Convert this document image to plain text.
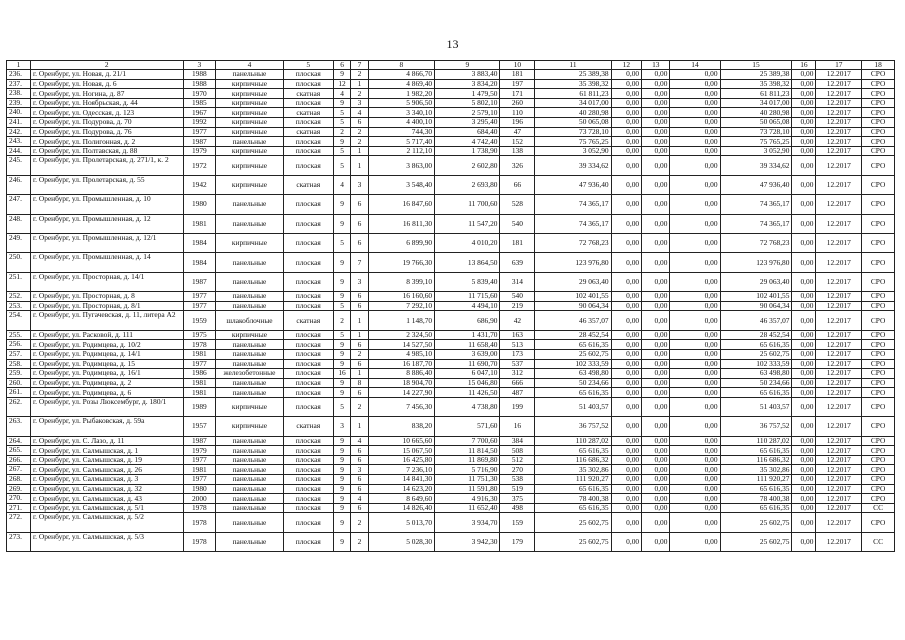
13
1	2	3	4	5	6	7	8	9	10	11	12	13	14	15	16	17	18
236.	г. Оренбург, ул. Новая, д. 21/1	1988	панельные	плоская	9	2	4 866,70	3 883,40	181	25 389,38	0,00	0,00	0,00	25 389,38	0,00	12.2017	СРО
237.	г. Оренбург, ул. Новая, д. 6	1988	кирпичные	плоская	12	1	4 869,40	3 834,20	197	35 398,32	0,00	0,00	0,00	35 398,32	0,00	12.2017	СРО
238.	г. Оренбург, ул. Ногина, д. 87	1970	кирпичные	скатная	4	2	1 982,20	1 479,50	171	61 811,23	0,00	0,00	0,00	61 811,23	0,00	12.2017	СРО
239.	г. Оренбург, ул. Ноябрьская, д. 44	1985	кирпичные	плоская	9	3	5 906,50	5 802,10	260	34 017,00	0,00	0,00	0,00	34 017,00	0,00	12.2017	СРО
240.	г. Оренбург, ул. Одесская, д. 123	1967	кирпичные	скатная	5	4	3 340,10	2 579,10	110	40 280,98	0,00	0,00	0,00	40 280,98	0,00	12.2017	СРО
241.	г. Оренбург, ул. Подурова, д. 70	1992	кирпичные	плоская	5	6	4 400,10	3 295,40	196	50 065,08	0,00	0,00	0,00	50 065,08	0,00	12.2017	СРО
242.	г. Оренбург, ул. Подурова, д. 76	1977	кирпичные	скатная	2	2	744,30	684,40	47	73 728,10	0,00	0,00	0,00	73 728,10	0,00	12.2017	СРО
243.	г. Оренбург, ул. Полигонная, д. 2	1987	панельные	плоская	9	2	5 717,40	4 742,40	152	75 765,25	0,00	0,00	0,00	75 765,25	0,00	12.2017	СРО
244.	г. Оренбург, ул. Полтавская, д. 88	1979	кирпичные	плоская	5	1	2 112,10	1 738,90	138	3 052,90	0,00	0,00	0,00	3 052,90	0,00	12.2017	СРО
245.	г. Оренбург, ул. Пролетарская, д. 271/1, к. 2	1972	кирпичные	плоская	5	1	3 863,00	2 602,80	326	39 334,62	0,00	0,00	0,00	39 334,62	0,00	12.2017	СРО
246.	г. Оренбург, ул. Пролетарская, д. 55	1942	кирпичные	скатная	4	3	3 548,40	2 693,80	66	47 936,40	0,00	0,00	0,00	47 936,40	0,00	12.2017	СРО
247.	г. Оренбург, ул. Промышленная, д. 10	1980	панельные	плоская	9	6	16 847,60	11 700,60	528	74 365,17	0,00	0,00	0,00	74 365,17	0,00	12.2017	СРО
248.	г. Оренбург, ул. Промышленная, д. 12	1981	панельные	плоская	9	6	16 811,30	11 547,20	540	74 365,17	0,00	0,00	0,00	74 365,17	0,00	12.2017	СРО
249.	г. Оренбург, ул. Промышленная, д. 12/1	1984	кирпичные	плоская	5	6	6 899,90	4 010,20	181	72 768,23	0,00	0,00	0,00	72 768,23	0,00	12.2017	СРО
250.	г. Оренбург, ул. Промышленная, д. 14	1984	панельные	плоская	9	7	19 766,30	13 864,50	639	123 976,80	0,00	0,00	0,00	123 976,80	0,00	12.2017	СРО
251.	г. Оренбург, ул. Просторная, д. 14/1	1987	панельные	плоская	9	3	8 399,10	5 839,40	314	29 063,40	0,00	0,00	0,00	29 063,40	0,00	12.2017	СРО
252.	г. Оренбург, ул. Просторная, д. 8	1977	панельные	плоская	9	6	16 160,60	11 715,60	540	102 401,55	0,00	0,00	0,00	102 401,55	0,00	12.2017	СРО
253.	г. Оренбург, ул. Просторная, д. 8/1	1977	панельные	плоская	5	6	7 292,10	4 494,10	219	90 064,34	0,00	0,00	0,00	90 064,34	0,00	12.2017	СРО
254.	г. Оренбург, ул. Пугачевская, д. 11, литера А2	1959	шлакоблочные	скатная	2	1	1 148,70	686,90	42	46 357,07	0,00	0,00	0,00	46 357,07	0,00	12.2017	СРО
255.	г. Оренбург, ул. Расковой, д. 111	1975	кирпичные	плоская	5	1	2 324,50	1 431,70	163	28 452,54	0,00	0,00	0,00	28 452,54	0,00	12.2017	СРО
256.	г. Оренбург, ул. Родимцева, д. 10/2	1978	панельные	плоская	9	6	14 527,50	11 658,40	513	65 616,35	0,00	0,00	0,00	65 616,35	0,00	12.2017	СРО
257.	г. Оренбург, ул. Родимцева, д. 14/1	1981	панельные	плоская	9	2	4 985,10	3 639,00	173	25 602,75	0,00	0,00	0,00	25 602,75	0,00	12.2017	СРО
258.	г. Оренбург, ул. Родимцева, д. 15	1977	панельные	плоская	9	6	16 187,70	11 690,70	537	102 333,59	0,00	0,00	0,00	102 333,59	0,00	12.2017	СРО
259.	г. Оренбург, ул. Родимцева, д. 16/1	1986	железобетонные	плоская	16	1	8 886,40	6 047,10	312	63 498,80	0,00	0,00	0,00	63 498,80	0,00	12.2017	СРО
260.	г. Оренбург, ул. Родимцева, д. 2	1981	панельные	плоская	9	8	18 904,70	15 046,80	666	50 234,66	0,00	0,00	0,00	50 234,66	0,00	12.2017	СРО
261.	г. Оренбург, ул. Родимцева, д. 6	1981	панельные	плоская	9	6	14 227,90	11 426,50	487	65 616,35	0,00	0,00	0,00	65 616,35	0,00	12.2017	СРО
262.	г. Оренбург, ул. Розы Люксембург, д. 180/1	1989	кирпичные	плоская	5	2	7 456,30	4 738,80	199	51 403,57	0,00	0,00	0,00	51 403,57	0,00	12.2017	СРО
263.	г. Оренбург, ул. Рыбаковская, д. 59а	1957	кирпичные	скатная	3	1	838,20	571,60	16	36 757,52	0,00	0,00	0,00	36 757,52	0,00	12.2017	СРО
264.	г. Оренбург, ул. С. Лазо, д. 11	1987	панельные	плоская	9	4	10 665,60	7 700,60	384	110 287,02	0,00	0,00	0,00	110 287,02	0,00	12.2017	СРО
265.	г. Оренбург, ул. Салмышская, д. 1	1979	панельные	плоская	9	6	15 067,50	11 814,50	508	65 616,35	0,00	0,00	0,00	65 616,35	0,00	12.2017	СРО
266.	г. Оренбург, ул. Салмышская, д. 19	1977	панельные	плоская	9	6	16 425,80	11 869,80	512	116 686,32	0,00	0,00	0,00	116 686,32	0,00	12.2017	СРО
267.	г. Оренбург, ул. Салмышская, д. 26	1981	панельные	плоская	9	3	7 236,10	5 716,90	270	35 302,86	0,00	0,00	0,00	35 302,86	0,00	12.2017	СРО
268.	г. Оренбург, ул. Салмышская, д. 3	1977	панельные	плоская	9	6	14 841,30	11 751,30	538	111 920,27	0,00	0,00	0,00	111 920,27	0,00	12.2017	СРО
269.	г. Оренбург, ул. Салмышская, д. 32	1980	панельные	плоская	9	6	14 623,20	11 591,80	519	65 616,35	0,00	0,00	0,00	65 616,35	0,00	12.2017	СРО
270.	г. Оренбург, ул. Салмышская, д. 43	2000	панельные	плоская	9	4	8 649,60	4 916,30	375	78 400,38	0,00	0,00	0,00	78 400,38	0,00	12.2017	СРО
271.	г. Оренбург, ул. Салмышская, д. 5/1	1978	панельные	плоская	9	6	14 826,40	11 652,40	498	65 616,35	0,00	0,00	0,00	65 616,35	0,00	12.2017	СС
272.	г. Оренбург, ул. Салмышская, д. 5/2	1978	панельные	плоская	9	2	5 013,70	3 934,70	159	25 602,75	0,00	0,00	0,00	25 602,75	0,00	12.2017	СРО
273.	г. Оренбург, ул. Салмышская, д. 5/3	1978	панельные	плоская	9	2	5 028,30	3 942,30	179	25 602,75	0,00	0,00	0,00	25 602,75	0,00	12.2017	СС
